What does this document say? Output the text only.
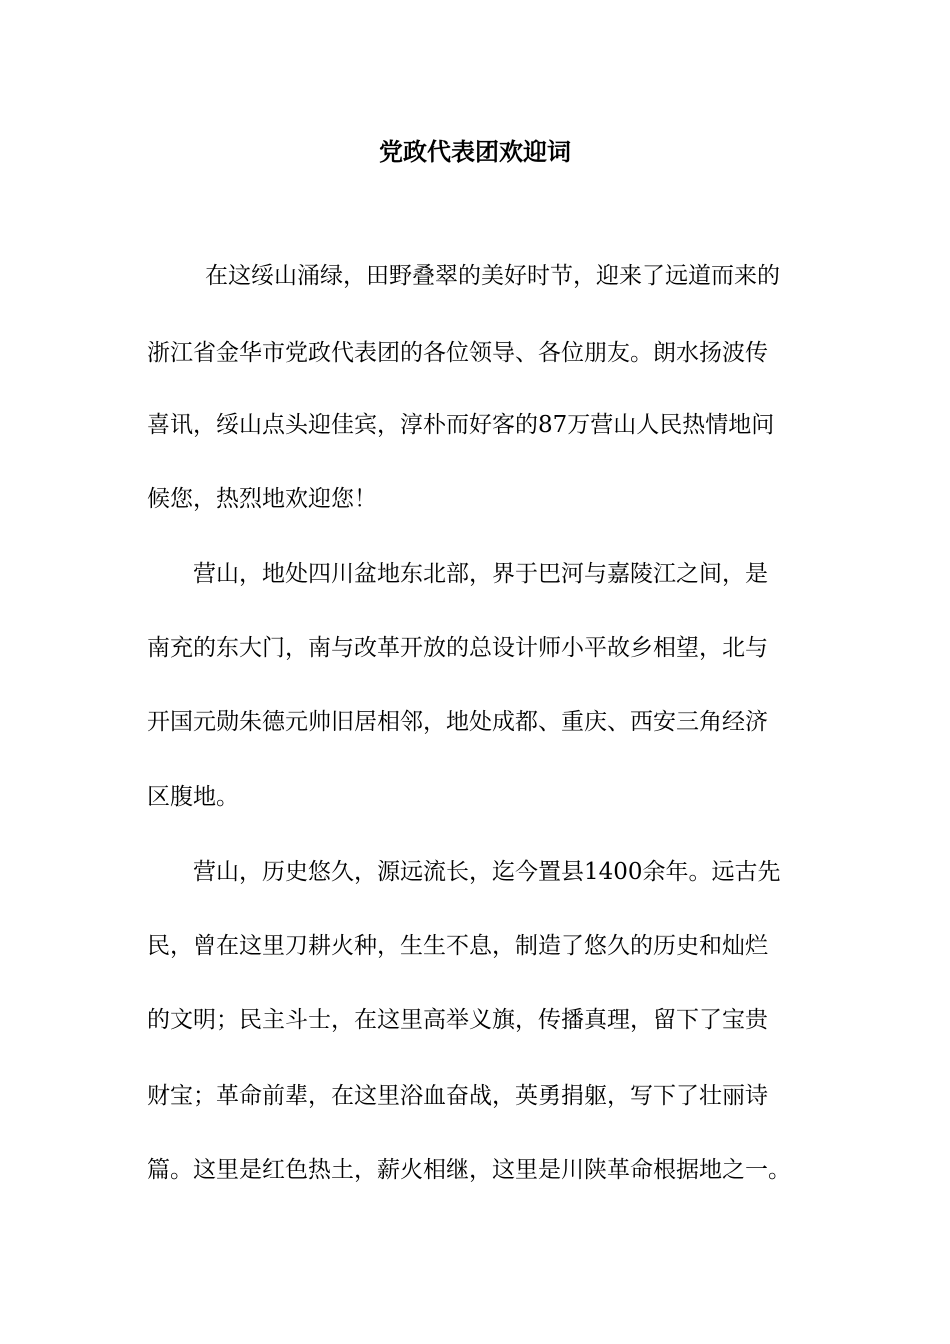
党政代表团欢迎词
在这绥山涌绿，田野叠翠的美好时节，迎来了远道而来的
浙江省金华市党政代表团的各位领导、各位朋友。朗水扬波传
喜讯，绥山点头迎佳宾，淳朴而好客的87万营山人民热情地问
候您，热烈地欢迎您！
营山，地处四川盆地东北部，界于巴河与嘉陵江之间，是
南充的东大门，南与改革开放的总设计师小平故乡相望，北与
开国元勋朱德元帅旧居相邻，地处成都、重庆、西安三角经济
区腹地。
营山，历史悠久，源远流长，迄今置县1400余年。远古先
民，曾在这里刀耕火种，生生不息，制造了悠久的历史和灿烂
的文明；民主斗士，在这里高举义旗，传播真理，留下了宝贵
财宝；革命前辈，在这里浴血奋战，英勇捐躯，写下了壮丽诗
篇。这里是红色热土，薪火相继，这里是川陕革命根据地之一。
